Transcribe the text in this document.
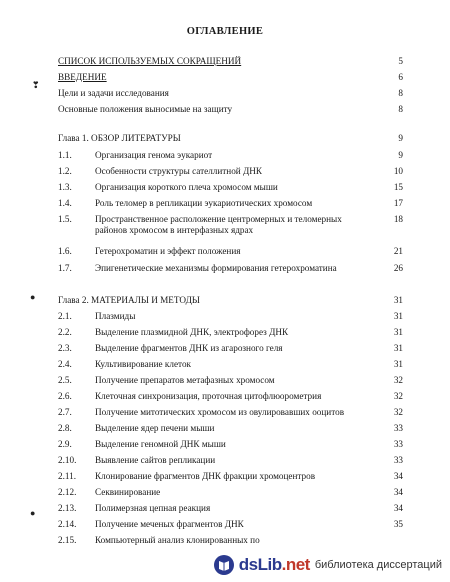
ОГЛАВЛЕНИЕ
СПИСОК ИСПОЛЬЗУЕМЫХ СОКРАЩЕНИЙ	5
ВВЕДЕНИЕ	6
Цели и задачи исследования	8
Основные положения выносимые на защиту	8
Глава 1. ОБЗОР ЛИТЕРАТУРЫ	9
1.1.	Организация генома эукариот	9
1.2.	Особенности структуры сателлитной ДНК	10
1.3.	Организация короткого плеча хромосом мыши	15
1.4.	Роль теломер в репликации эукариотических хромосом	17
1.5.	Пространственное расположение центромерных и теломерных районов хромосом в интерфазных ядрах
18
1.6.	Гетерохроматин и эффект положения	21
1.7.	Эпигенетические механизмы формирования гетерохроматина	26
Глава 2. МАТЕРИАЛЫ И МЕТОДЫ	31
2.1.	Плазмиды	31
2.2.	Выделение плазмидной ДНК, электрофорез ДНК	31
2.3.	Выделение фрагментов ДНК из агарозного геля	31
2.4.	Культивирование клеток	31
2.5.	Получение препаратов метафазных хромосом	32
2.6.	Клеточная синхронизация, проточная цитофлюорометрия	32
2.7.	Получение митотических хромосом из овулировавших ооцитов	32
2.8.	Выделение ядер печени мыши	33
2.9.	Выделение геномной ДНК мыши	33
2.10. Выявление сайтов репликации	33
2.11. Клонирование фрагментов ДНК фракции хромоцентров	34
2.12. Секвинирование	34
2.13. Полимерзная цепная реакция	34
2.14. Получение меченых фрагментов ДНК	35
2.15. Компьютерный анализ клонированных по
❣
●
●
dsLib.net библиотека диссертаций
